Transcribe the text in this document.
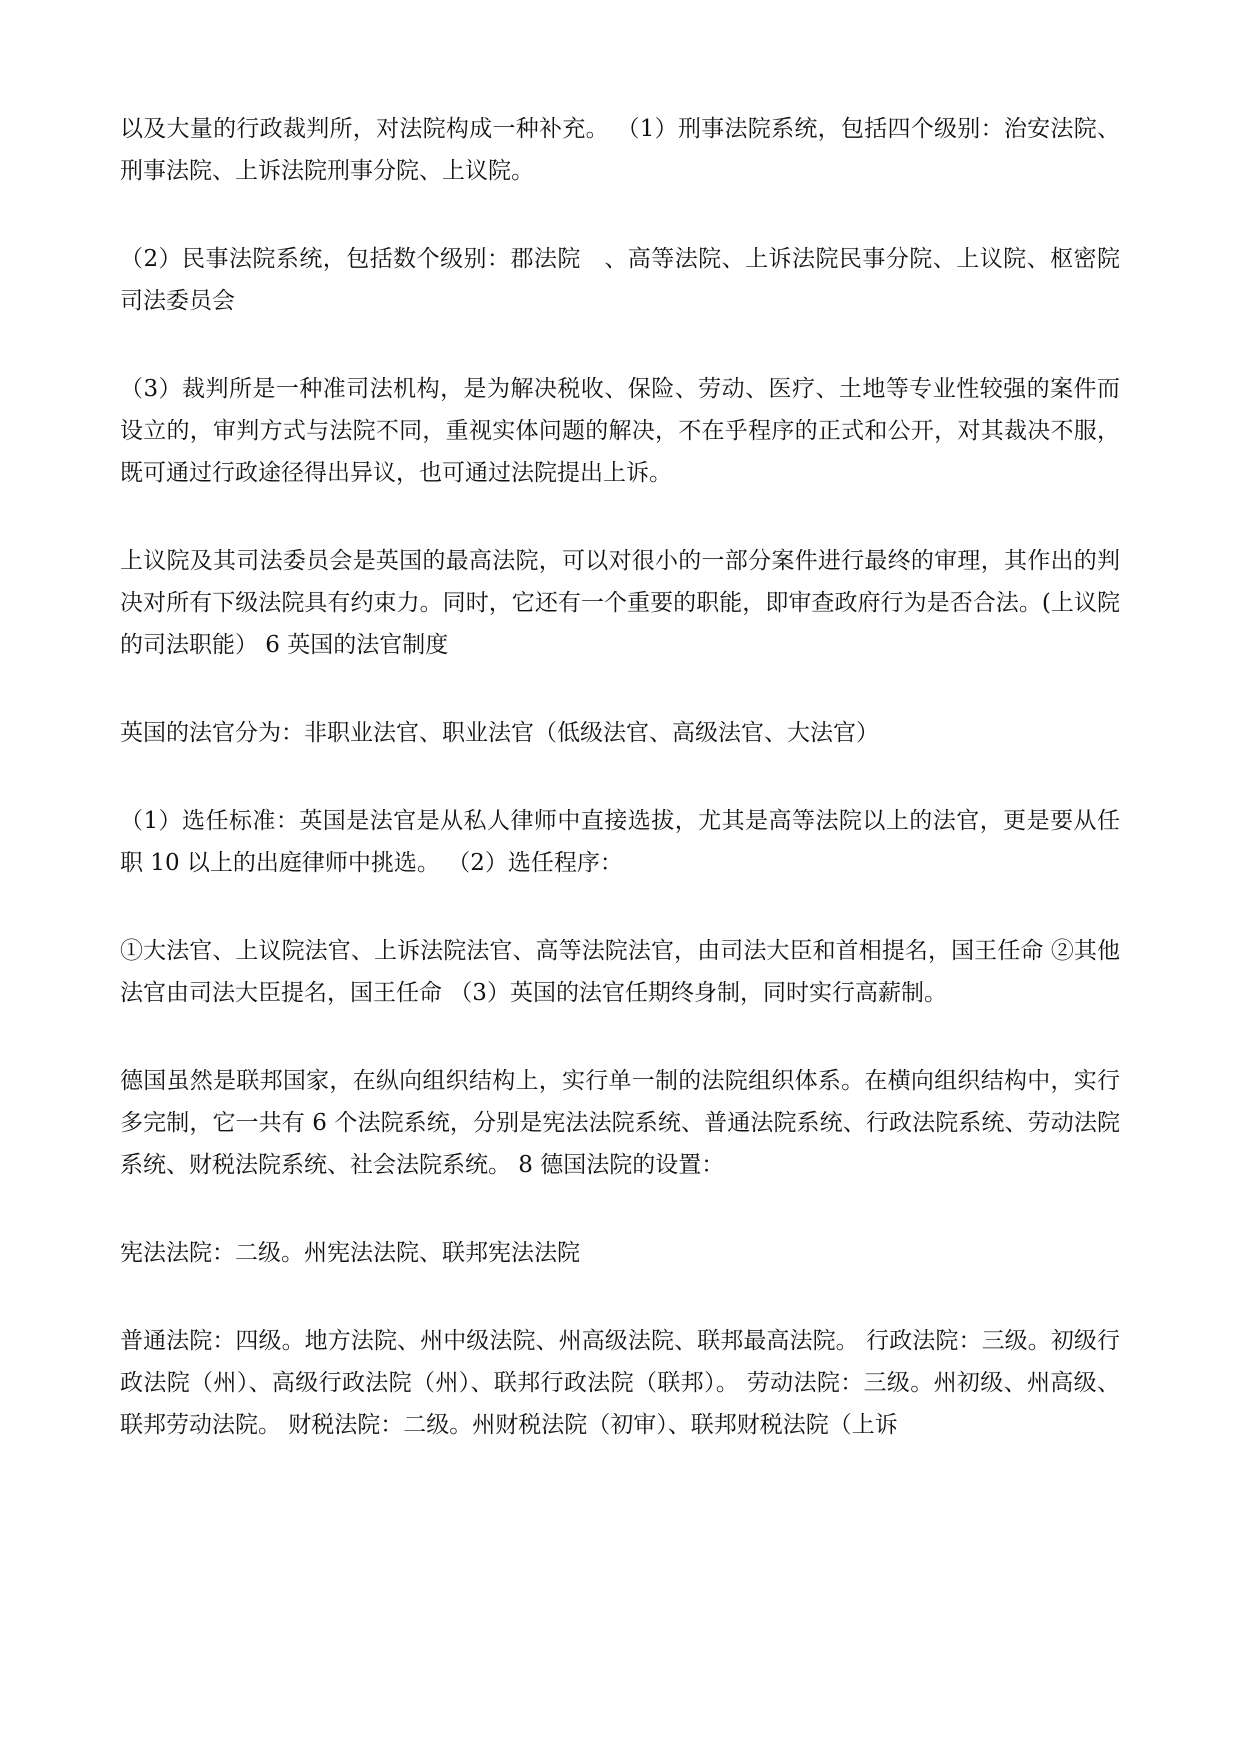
以及大量的行政裁判所，对法院构成一种补充。 （1）刑事法院系统，包括四个级别：治安法院、刑事法院、上诉法院刑事分院、上议院。

（2）民事法院系统，包括数个级别：郡法院　、高等法院、上诉法院民事分院、上议院、枢密院司法委员会

（3）裁判所是一种准司法机构，是为解决税收、保险、劳动、医疗、土地等专业性较强的案件而设立的，审判方式与法院不同，重视实体问题的解决，不在乎程序的正式和公开，对其裁决不服，既可通过行政途径得出异议，也可通过法院提出上诉。

上议院及其司法委员会是英国的最高法院，可以对很小的一部分案件进行最终的审理，其作出的判决对所有下级法院具有约束力。同时，它还有一个重要的职能，即审查政府行为是否合法。(上议院的司法职能） 6 英国的法官制度

英国的法官分为：非职业法官、职业法官（低级法官、高级法官、大法官）

（1）选任标准：英国是法官是从私人律师中直接选拔，尤其是高等法院以上的法官，更是要从任职 10 以上的出庭律师中挑选。 （2）选任程序：

①大法官、上议院法官、上诉法院法官、高等法院法官，由司法大臣和首相提名，国王任命 ②其他法官由司法大臣提名，国王任命 （3）英国的法官任期终身制，同时实行高薪制。

德国虽然是联邦国家，在纵向组织结构上，实行单一制的法院组织体系。在横向组织结构中，实行多完制，它一共有 6 个法院系统，分别是宪法法院系统、普通法院系统、行政法院系统、劳动法院系统、财税法院系统、社会法院系统。 8 德国法院的设置：

宪法法院：二级。州宪法法院、联邦宪法法院

普通法院：四级。地方法院、州中级法院、州高级法院、联邦最高法院。 行政法院：三级。初级行政法院（州）、高级行政法院（州）、联邦行政法院（联邦）。 劳动法院：三级。州初级、州高级、联邦劳动法院。 财税法院：二级。州财税法院（初审）、联邦财税法院（上诉
